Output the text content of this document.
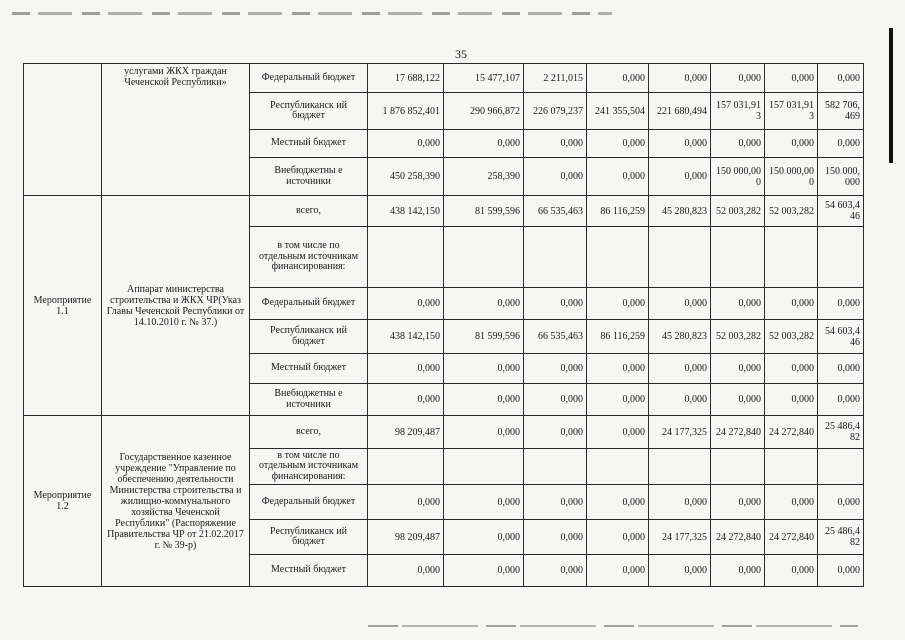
35
	услугами ЖКХ граждан Чеченской Республики»	Федеральный бюджет	17 688,122	15 477,107	2 211,015	0,000	0,000	0,000	0,000	0,000
		Республиканск ий бюджет	1 876 852,401	290 966,872	226 079,237	241 355,504	221 680,494	157 031,913	157 031,913	582 706,469
		Местный бюджет	0,000	0,000	0,000	0,000	0,000	0,000	0,000	0,000
		Внебюджетны е источники	450 258,390	258,390	0,000	0,000	0,000	150 000,000	150 000,000	150 000,000
Мероприятие 1.1	Аппарат министерства строительства и ЖКХ ЧР(Указ Главы Чеченской Республики от 14.10.2010 г. № 37.)	всего,	438 142,150	81 599,596	66 535,463	86 116,259	45 280,823	52 003,282	52 003,282	54 603,446
		в том числе по отдельным источникам финансирования:								
		Федеральный бюджет	0,000	0,000	0,000	0,000	0,000	0,000	0,000	0,000
		Республиканск ий бюджет	438 142,150	81 599,596	66 535,463	86 116,259	45 280,823	52 003,282	52 003,282	54 603,446
		Местный бюджет	0,000	0,000	0,000	0,000	0,000	0,000	0,000	0,000
		Внебюджетны е источники	0,000	0,000	0,000	0,000	0,000	0,000	0,000	0,000
Мероприятие 1.2	Государственное казенное учреждение "Управление по обеспечению деятельности Министерства строительства и жилищно-коммунального хозяйства Чеченской Республики" (Распоряжение Правительства ЧР от 21.02.2017 г. № 39-р)	всего,	98 209,487	0,000	0,000	0,000	24 177,325	24 272,840	24 272,840	25 486,482
		в том числе по отдельным источникам финансирования:								
		Федеральный бюджет	0,000	0,000	0,000	0,000	0,000	0,000	0,000	0,000
		Республиканск ий бюджет	98 209,487	0,000	0,000	0,000	24 177,325	24 272,840	24 272,840	25 486,482
		Местный бюджет	0,000	0,000	0,000	0,000	0,000	0,000	0,000	0,000
